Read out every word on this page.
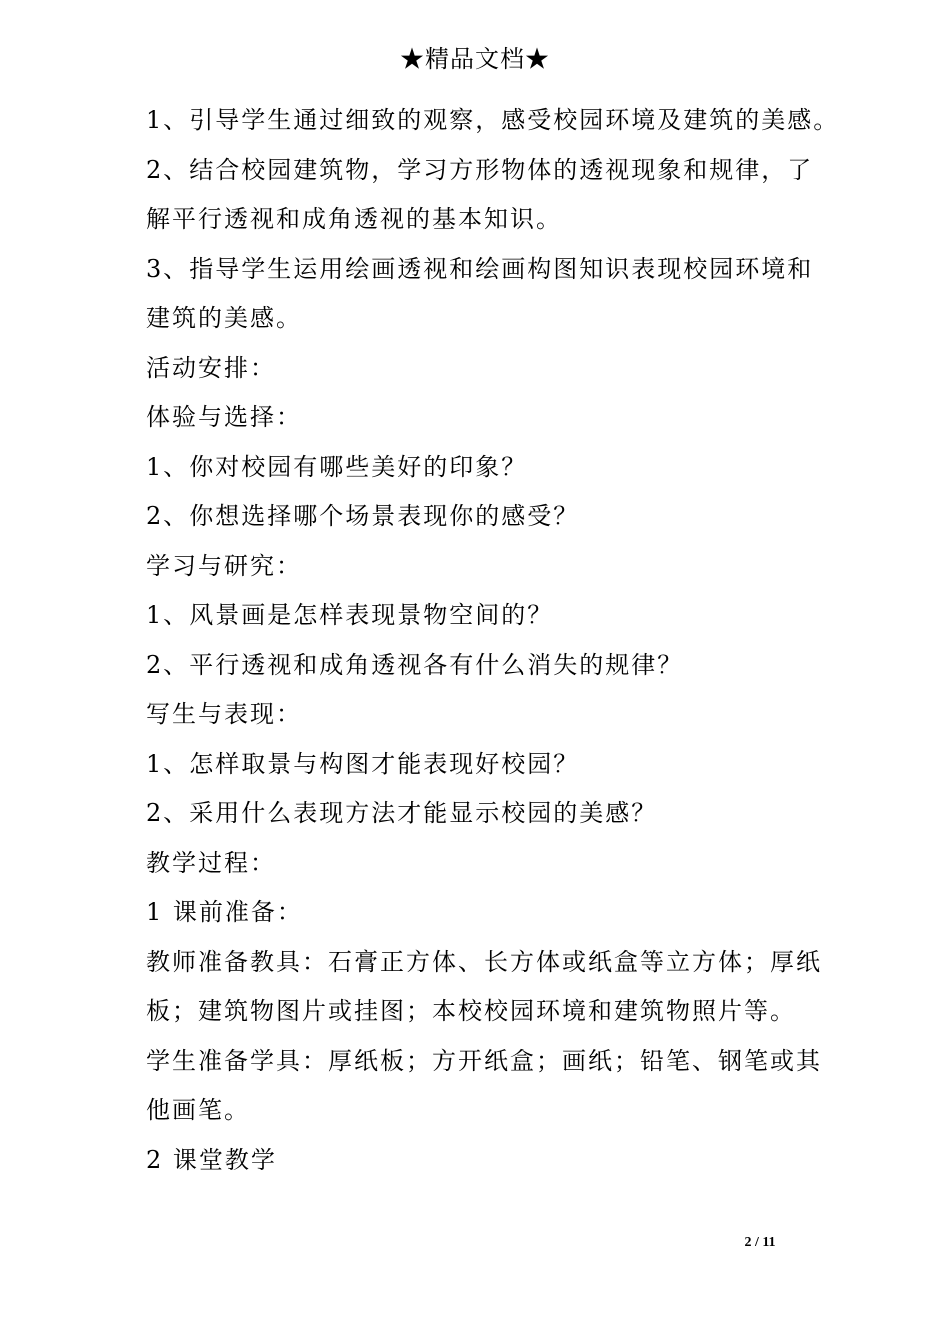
★精品文档★
1、引导学生通过细致的观察，感受校园环境及建筑的美感。
2、结合校园建筑物，学习方形物体的透视现象和规律，了
解平行透视和成角透视的基本知识。
3、指导学生运用绘画透视和绘画构图知识表现校园环境和
建筑的美感。
活动安排：
体验与选择：
1、你对校园有哪些美好的印象？
2、你想选择哪个场景表现你的感受？
学习与研究：
1、风景画是怎样表现景物空间的？
2、平行透视和成角透视各有什么消失的规律？
写生与表现：
1、怎样取景与构图才能表现好校园？
2、采用什么表现方法才能显示校园的美感？
教学过程：
1 课前准备：
教师准备教具：石膏正方体、长方体或纸盒等立方体；厚纸
板；建筑物图片或挂图；本校校园环境和建筑物照片等。
学生准备学具：厚纸板；方开纸盒；画纸；铅笔、钢笔或其
他画笔。
2 课堂教学
2 / 11
